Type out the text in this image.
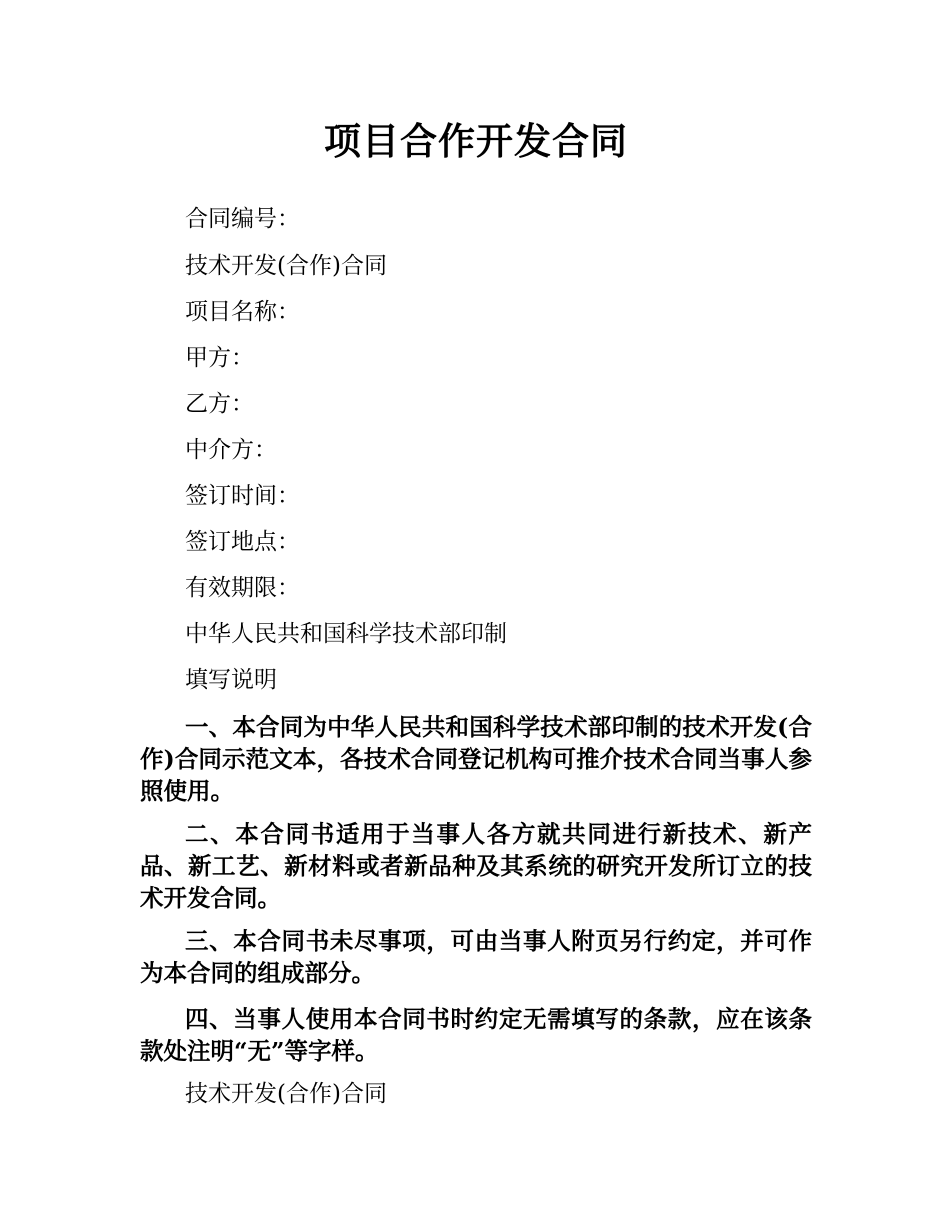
项目合作开发合同
合同编号：
技术开发(合作)合同
项目名称：
甲方：
乙方：
中介方：
签订时间：
签订地点：
有效期限：
中华人民共和国科学技术部印制
填写说明
一、本合同为中华人民共和国科学技术部印制的技术开发(合作)合同示范文本，各技术合同登记机构可推介技术合同当事人参照使用。
二、本合同书适用于当事人各方就共同进行新技术、新产品、新工艺、新材料或者新品种及其系统的研究开发所订立的技术开发合同。
三、本合同书未尽事项，可由当事人附页另行约定，并可作为本合同的组成部分。
四、当事人使用本合同书时约定无需填写的条款，应在该条款处注明“无”等字样。
技术开发(合作)合同
